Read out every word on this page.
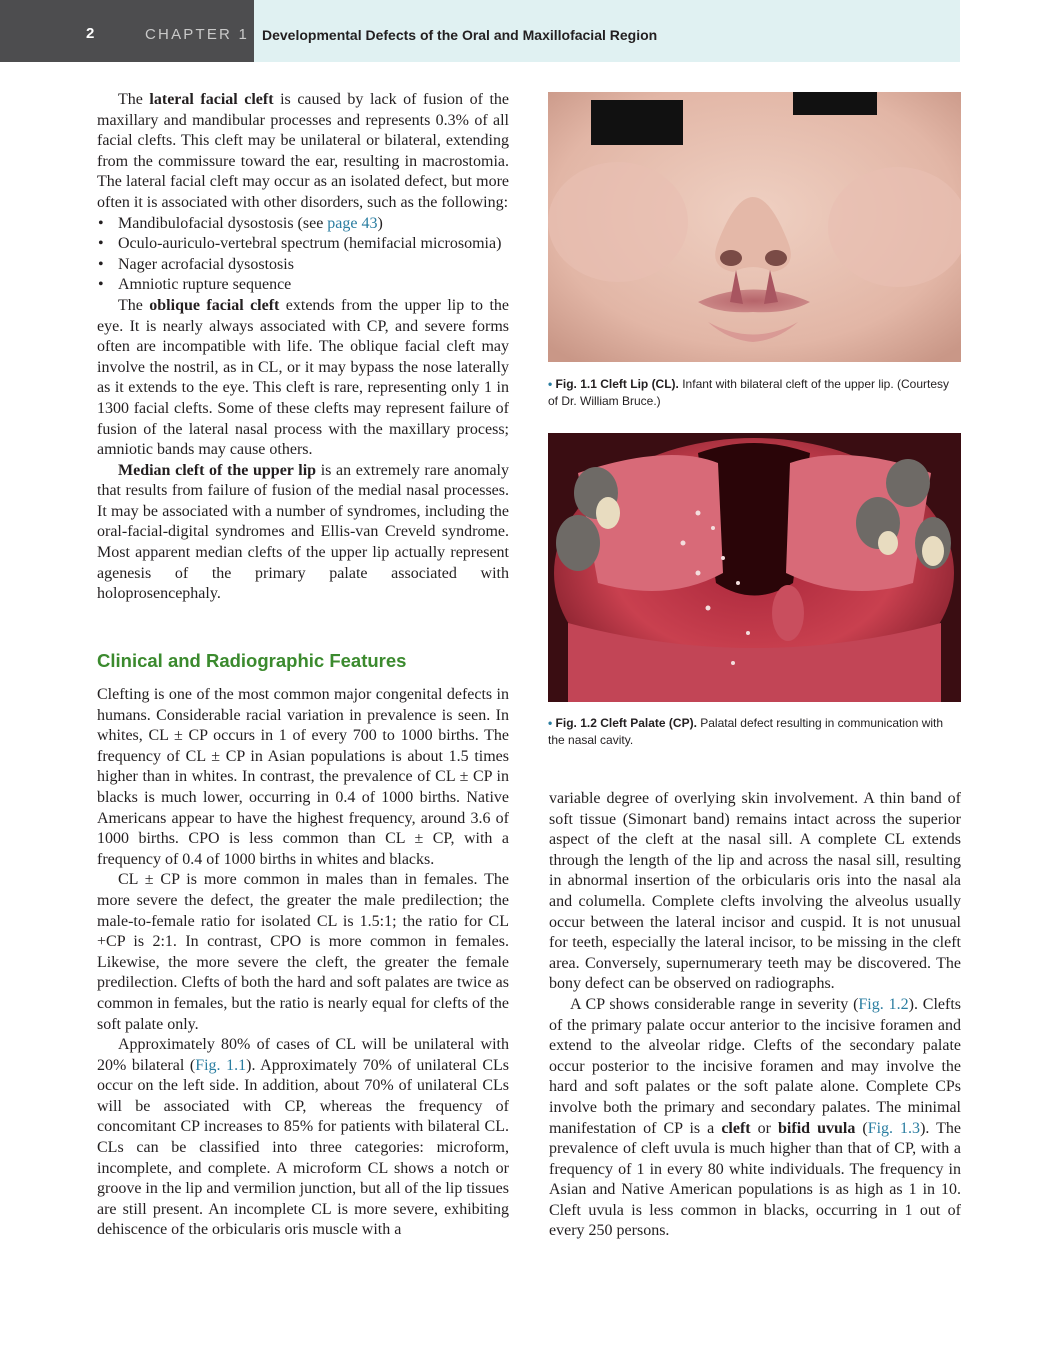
2	CHAPTER 1 Developmental Defects of the Oral and Maxillofacial Region

The lateral facial cleft is caused by lack of fusion of the maxillary and mandibular processes and represents 0.3% of all facial clefts. This cleft may be unilateral or bilateral, extending from the commissure toward the ear, resulting in macrostomia. The lateral facial cleft may occur as an isolated defect, but more often it is associated with other disorders, such as the following:

• Mandibulofacial dysostosis (see page 43)
• Oculo-auriculo-vertebral spectrum (hemifacial microsomia)
• Nager acrofacial dysostosis
• Amniotic rupture sequence

The oblique facial cleft extends from the upper lip to the eye. It is nearly always associated with CP, and severe forms often are incompatible with life. The oblique facial cleft may involve the nostril, as in CL, or it may bypass the nose laterally as it extends to the eye. This cleft is rare, representing only 1 in 1300 facial clefts. Some of these clefts may represent failure of fusion of the lateral nasal process with the maxillary process; amniotic bands may cause others.

Median cleft of the upper lip is an extremely rare anomaly that results from failure of fusion of the medial nasal processes. It may be associated with a number of syndromes, including the oral-facial-digital syndromes and Ellis-van Creveld syndrome. Most apparent median clefts of the upper lip actually represent agenesis of the primary palate associated with holoprosencephaly.

Clinical and Radiographic Features

Clefting is one of the most common major congenital defects in humans. Considerable racial variation in prevalence is seen. In whites, CL ± CP occurs in 1 of every 700 to 1000 births. The frequency of CL ± CP in Asian populations is about 1.5 times higher than in whites. In contrast, the prevalence of CL ± CP in blacks is much lower, occurring in 0.4 of 1000 births. Native Americans appear to have the highest frequency, around 3.6 of 1000 births. CPO is less common than CL ± CP, with a frequency of 0.4 of 1000 births in whites and blacks.

CL ± CP is more common in males than in females. The more severe the defect, the greater the male predilection; the male-to-female ratio for isolated CL is 1.5:1; the ratio for CL +CP is 2:1. In contrast, CPO is more common in females. Likewise, the more severe the cleft, the greater the female predilection. Clefts of both the hard and soft palates are twice as common in females, but the ratio is nearly equal for clefts of the soft palate only.

Approximately 80% of cases of CL will be unilateral with 20% bilateral (Fig. 1.1). Approximately 70% of unilateral CLs occur on the left side. In addition, about 70% of unilateral CLs will be associated with CP, whereas the frequency of concomitant CP increases to 85% for patients with bilateral CL. CLs can be classified into three categories: microform, incomplete, and complete. A microform CL shows a notch or groove in the lip and vermilion junction, but all of the lip tissues are still present. An incomplete CL is more severe, exhibiting dehiscence of the orbicularis oris muscle with a

• Fig. 1.1 Cleft Lip (CL). Infant with bilateral cleft of the upper lip. (Courtesy of Dr. William Bruce.)
• Fig. 1.2 Cleft Palate (CP). Palatal defect resulting in communication with the nasal cavity.

variable degree of overlying skin involvement. A thin band of soft tissue (Simonart band) remains intact across the superior aspect of the cleft at the nasal sill. A complete CL extends through the length of the lip and across the nasal sill, resulting in abnormal insertion of the orbicularis oris into the nasal ala and columella. Complete clefts involving the alveolus usually occur between the lateral incisor and cuspid. It is not unusual for teeth, especially the lateral incisor, to be missing in the cleft area. Conversely, supernumerary teeth may be discovered. The bony defect can be observed on radiographs.

A CP shows considerable range in severity (Fig. 1.2). Clefts of the primary palate occur anterior to the incisive foramen and extend to the alveolar ridge. Clefts of the secondary palate occur posterior to the incisive foramen and may involve the hard and soft palates or the soft palate alone. Complete CPs involve both the primary and secondary palates. The minimal manifestation of CP is a cleft or bifid uvula (Fig. 1.3). The prevalence of cleft uvula is much higher than that of CP, with a frequency of 1 in every 80 white individuals. The frequency in Asian and Native American populations is as high as 1 in 10. Cleft uvula is less common in blacks, occurring in 1 out of every 250 persons.
